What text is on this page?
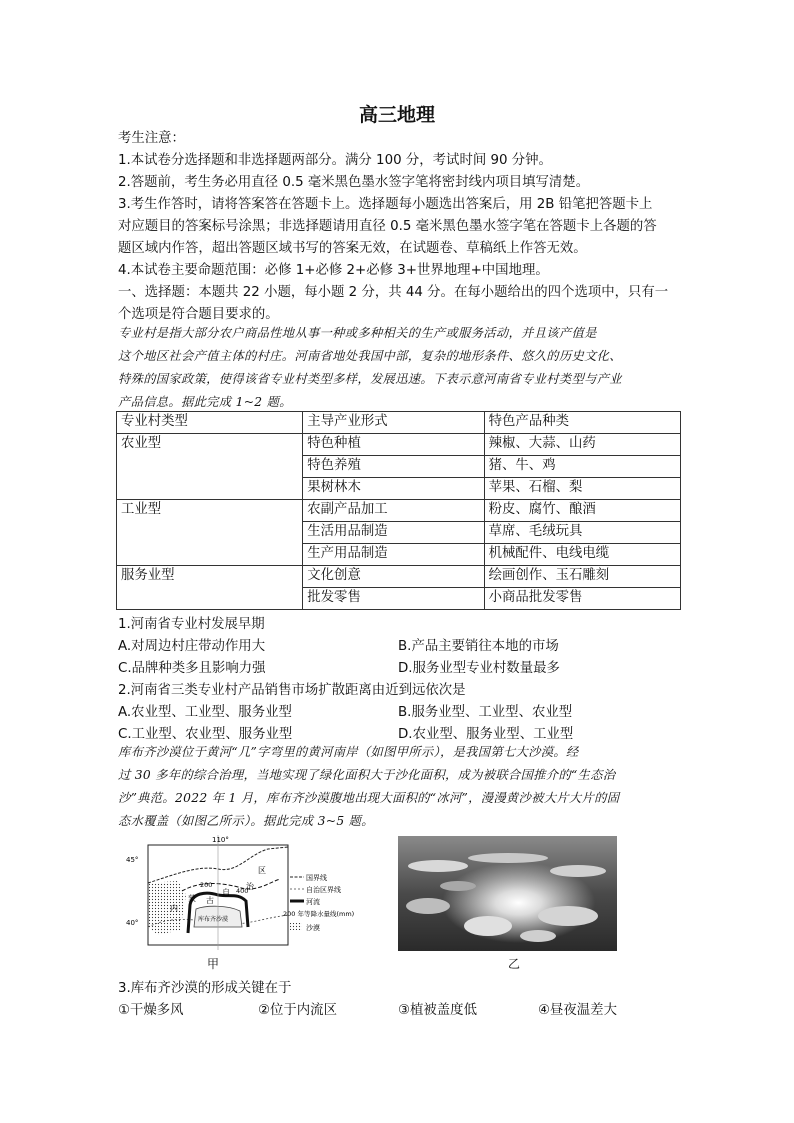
高三地理
考生注意：
1.本试卷分选择题和非选择题两部分。满分 100 分，考试时间 90 分钟。
2.答题前，考生务必用直径 0.5 毫米黑色墨水签字笔将密封线内项目填写清楚。
3.考生作答时，请将答案答在答题卡上。选择题每小题选出答案后，用 2B 铅笔把答题卡上
对应题目的答案标号涂黑；非选择题请用直径 0.5 毫米黑色墨水签字笔在答题卡上各题的答
题区域内作答，超出答题区域书写的答案无效，在试题卷、草稿纸上作答无效。
4.本试卷主要命题范围：必修 1+必修 2+必修 3+世界地理+中国地理。
一、选择题：本题共 22 小题，每小题 2 分，共 44 分。在每小题给出的四个选项中，只有一
个选项是符合题目要求的。
专业村是指大部分农户商品性地从事一种或多种相关的生产或服务活动，并且该产值是
这个地区社会产值主体的村庄。河南省地处我国中部，复杂的地形条件、悠久的历史文化、
特殊的国家政策，使得该省专业村类型多样，发展迅速。下表示意河南省专业村类型与产业
产品信息。据此完成 1~2 题。
专业村类型	主导产业形式	特色产品种类
农业型	特色种植	辣椒、大蒜、山药
	特色养殖	猪、牛、鸡
	果树林木	苹果、石榴、梨
工业型	农副产品加工	粉皮、腐竹、酿酒
	生活用品制造	草席、毛绒玩具
	生产用品制造	机械配件、电线电缆
服务业型	文化创意	绘画创作、玉石雕刻
	批发零售	小商品批发零售
1.河南省专业村发展早期
A.对周边村庄带动作用大	B.产品主要销往本地的市场
C.品牌种类多且影响力强	D.服务业型专业村数量最多
2.河南省三类专业村产品销售市场扩散距离由近到远依次是
A.农业型、工业型、服务业型	B.服务业型、工业型、农业型
C.工业型、农业型、服务业型	D.农业型、服务业型、工业型
库布齐沙漠位于黄河“几”字弯里的黄河南岸（如图甲所示），是我国第七大沙漠。经
过 30 多年的综合治理，当地实现了绿化面积大于沙化面积，成为被联合国推介的“生态治
沙”典范。2022 年 1 月，库布齐沙漠腹地出现大面积的“冰河”，漫漫黄沙被大片大片的固
态水覆盖（如图乙所示）。据此完成 3~5 题。
110°
45°
40°
区
治
自
蒙 古
内
200
400
库布齐沙漠
国界线
自治区界线
河流
200 年等降水量线(mm)
沙漠
甲	乙
3.库布齐沙漠的形成关键在于
①干燥多风	②位于内流区	③植被盖度低	④昼夜温差大
